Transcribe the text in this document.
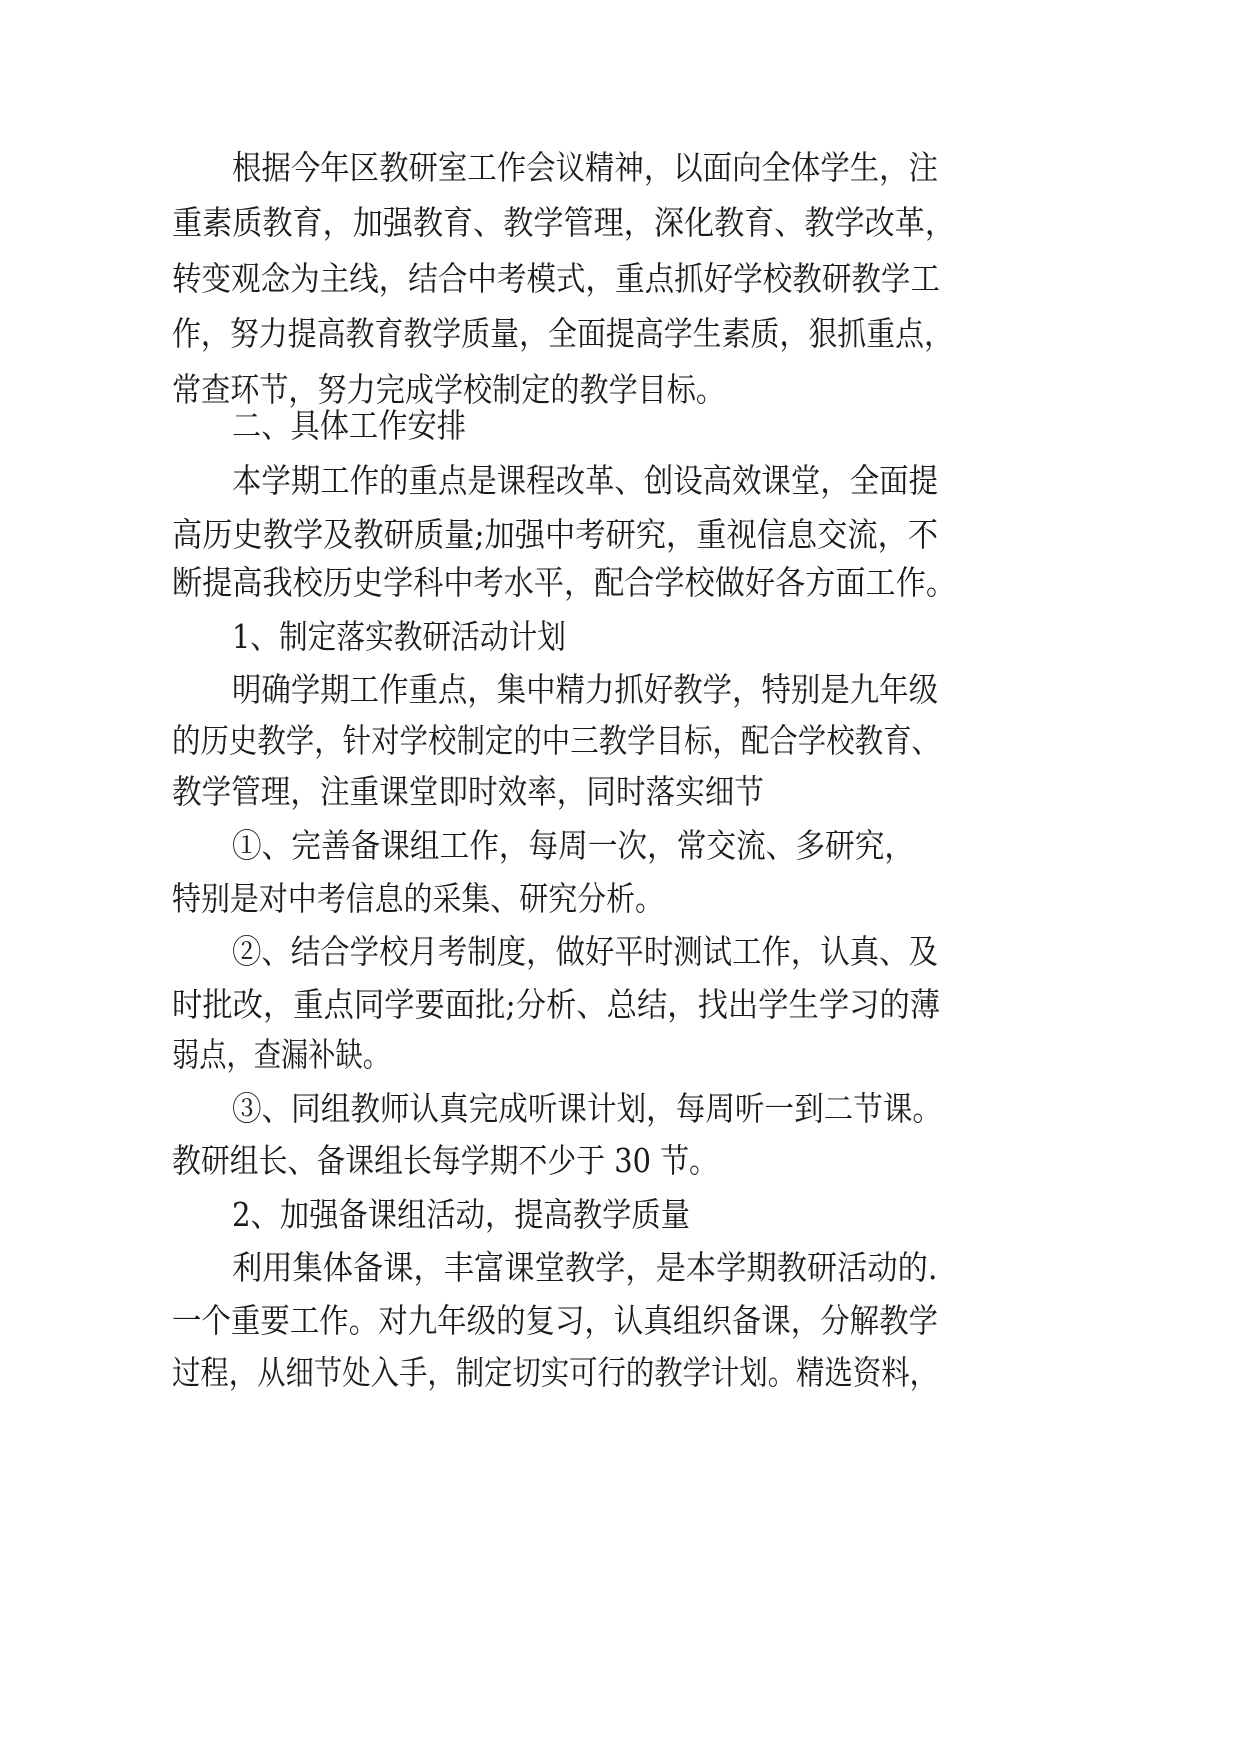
根据今年区教研室工作会议精神，以面向全体学生，注
重素质教育，加强教育、教学管理，深化教育、教学改革，
转变观念为主线，结合中考模式，重点抓好学校教研教学工
作，努力提高教育教学质量，全面提高学生素质，狠抓重点，
常查环节，努力完成学校制定的教学目标。
二、具体工作安排
本学期工作的重点是课程改革、创设高效课堂，全面提
高历史教学及教研质量;加强中考研究，重视信息交流，不
断提高我校历史学科中考水平，配合学校做好各方面工作。
1、制定落实教研活动计划
明确学期工作重点，集中精力抓好教学，特别是九年级
的历史教学，针对学校制定的中三教学目标，配合学校教育、
教学管理，注重课堂即时效率，同时落实细节
①、完善备课组工作，每周一次，常交流、多研究，
特别是对中考信息的采集、研究分析。
②、结合学校月考制度，做好平时测试工作，认真、及
时批改，重点同学要面批;分析、总结，找出学生学习的薄
弱点，查漏补缺。
③、同组教师认真完成听课计划，每周听一到二节课。
教研组长、备课组长每学期不少于 30 节。
2、加强备课组活动，提高教学质量
利用集体备课，丰富课堂教学，是本学期教研活动的.
一个重要工作。对九年级的复习，认真组织备课，分解教学
过程，从细节处入手，制定切实可行的教学计划。精选资料，
